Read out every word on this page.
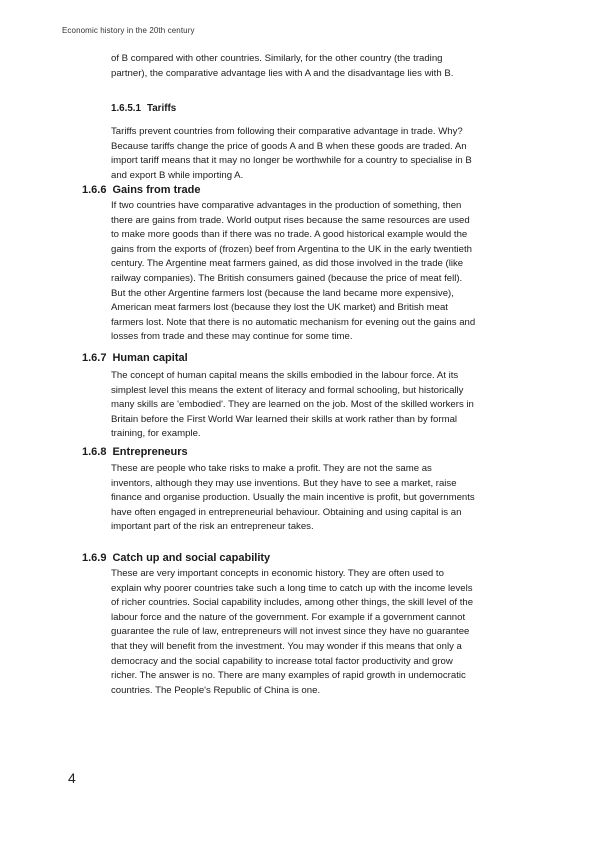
Economic history in the 20th century

of B compared with other countries. Similarly, for the other country (the trading partner), the comparative advantage lies with A and the disadvantage lies with B.

1.6.5.1 Tariffs

Tariffs prevent countries from following their comparative advantage in trade. Why? Because tariffs change the price of goods A and B when these goods are traded. An import tariff means that it may no longer be worthwhile for a country to specialise in B and export B while importing A.

1.6.6 Gains from trade

If two countries have comparative advantages in the production of something, then there are gains from trade. World output rises because the same resources are used to make more goods than if there was no trade. A good historical example would the gains from the exports of (frozen) beef from Argentina to the UK in the early twentieth century. The Argentine meat farmers gained, as did those involved in the trade (like railway companies). The British consumers gained (because the price of meat fell). But the other Argentine farmers lost (because the land became more expensive), American meat farmers lost (because they lost the UK market) and British meat farmers lost. Note that there is no automatic mechanism for evening out the gains and losses from trade and these may continue for some time.

1.6.7 Human capital

The concept of human capital means the skills embodied in the labour force. At its simplest level this means the extent of literacy and formal schooling, but historically many skills are 'embodied'. They are learned on the job. Most of the skilled workers in Britain before the First World War learned their skills at work rather than by formal training, for example.

1.6.8 Entrepreneurs

These are people who take risks to make a profit. They are not the same as inventors, although they may use inventions. But they have to see a market, raise finance and organise production. Usually the main incentive is profit, but governments have often engaged in entrepreneurial behaviour. Obtaining and using capital is an important part of the risk an entrepreneur takes.

1.6.9 Catch up and social capability

These are very important concepts in economic history. They are often used to explain why poorer countries take such a long time to catch up with the income levels of richer countries. Social capability includes, among other things, the skill level of the labour force and the nature of the government. For example if a government cannot guarantee the rule of law, entrepreneurs will not invest since they have no guarantee that they will benefit from the investment. You may wonder if this means that only a democracy and the social capability to increase total factor productivity and grow richer. The answer is no. There are many examples of rapid growth in undemocratic countries. The People's Republic of China is one.

4
